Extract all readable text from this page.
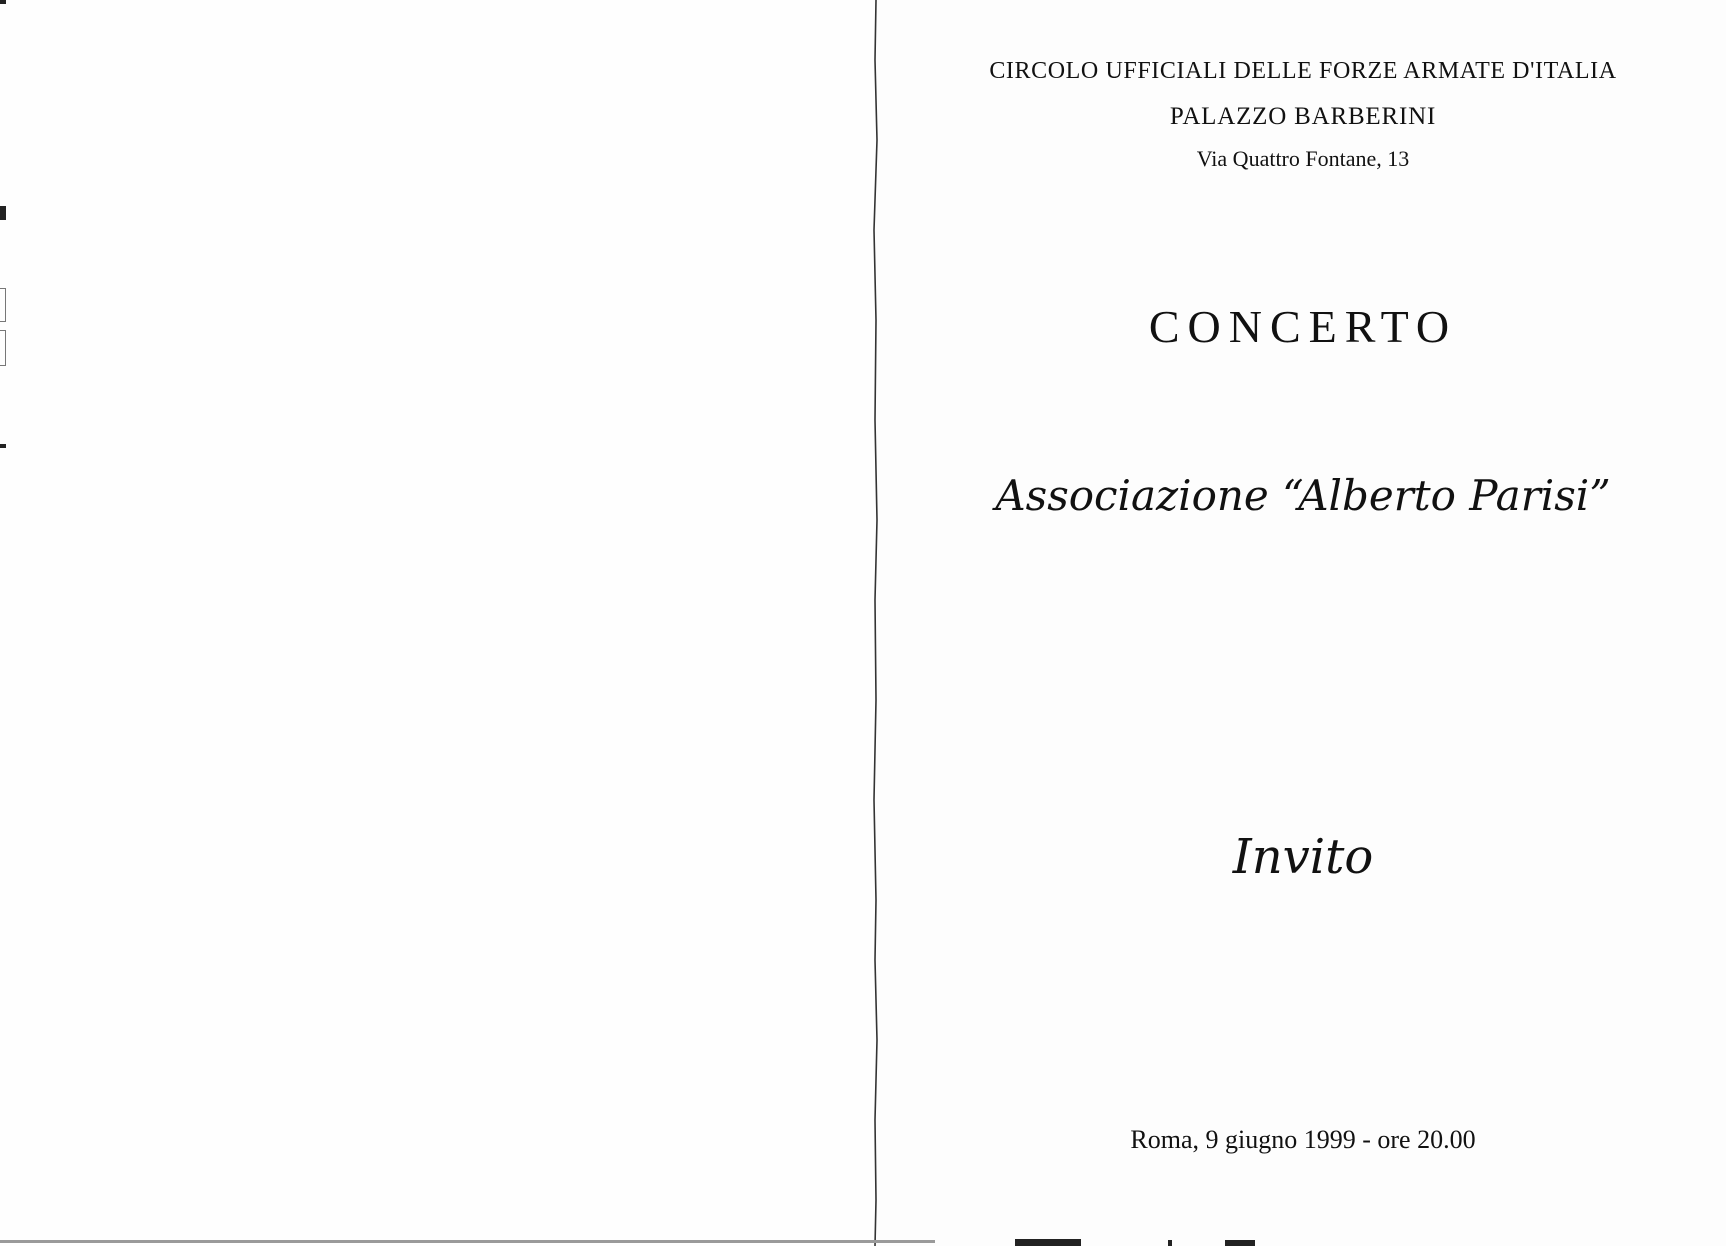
CIRCOLO UFFICIALI DELLE FORZE ARMATE D'ITALIA

PALAZZO BARBERINI

Via Quattro Fontane, 13

CONCERTO
Associazione “Alberto Parisi”
Invito

Roma, 9 giugno 1999 - ore 20.00
